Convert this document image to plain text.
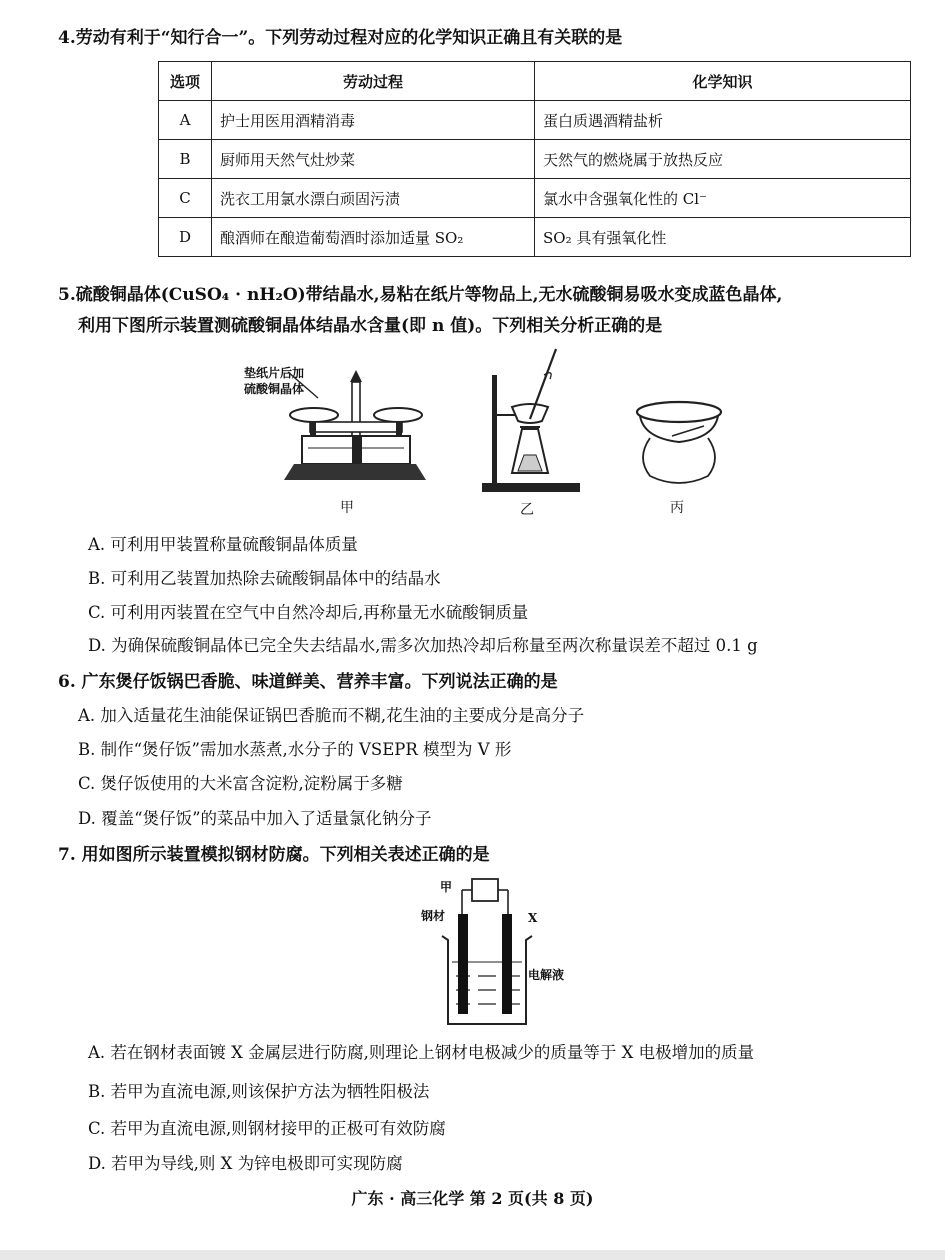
4.劳动有利于“知行合一”。下列劳动过程对应的化学知识正确且有关联的是
选项	劳动过程	化学知识
A	护士用医用酒精消毒	蛋白质遇酒精盐析
B	厨师用天然气灶炒菜	天然气的燃烧属于放热反应
C	洗衣工用氯水漂白顽固污渍	氯水中含强氧化性的 Cl⁻
D	酿酒师在酿造葡萄酒时添加适量 SO₂	SO₂ 具有强氧化性
5.硫酸铜晶体(CuSO₄ · nH₂O)带结晶水,易粘在纸片等物品上,无水硫酸铜易吸水变成蓝色晶体,
利用下图所示装置测硫酸铜晶体结晶水含量(即 n 值)。下列相关分析正确的是
垫纸片后加
硫酸铜晶体
甲	乙	丙
A. 可利用甲装置称量硫酸铜晶体质量
B. 可利用乙装置加热除去硫酸铜晶体中的结晶水
C. 可利用丙装置在空气中自然冷却后,再称量无水硫酸铜质量
D. 为确保硫酸铜晶体已完全失去结晶水,需多次加热冷却后称量至两次称量误差不超过 0.1 g
6. 广东煲仔饭锅巴香脆、味道鲜美、营养丰富。下列说法正确的是
A. 加入适量花生油能保证锅巴香脆而不糊,花生油的主要成分是高分子
B. 制作“煲仔饭”需加水蒸煮,水分子的 VSEPR 模型为 V 形
C. 煲仔饭使用的大米富含淀粉,淀粉属于多糖
D. 覆盖“煲仔饭”的菜品中加入了适量氯化钠分子
7. 用如图所示装置模拟钢材防腐。下列相关表述正确的是
甲
钢材	X
电解液
A. 若在钢材表面镀 X 金属层进行防腐,则理论上钢材电极减少的质量等于 X 电极增加的质量
B. 若甲为直流电源,则该保护方法为牺牲阳极法
C. 若甲为直流电源,则钢材接甲的正极可有效防腐
D. 若甲为导线,则 X 为锌电极即可实现防腐
广东 · 高三化学 第 2 页(共 8 页)
